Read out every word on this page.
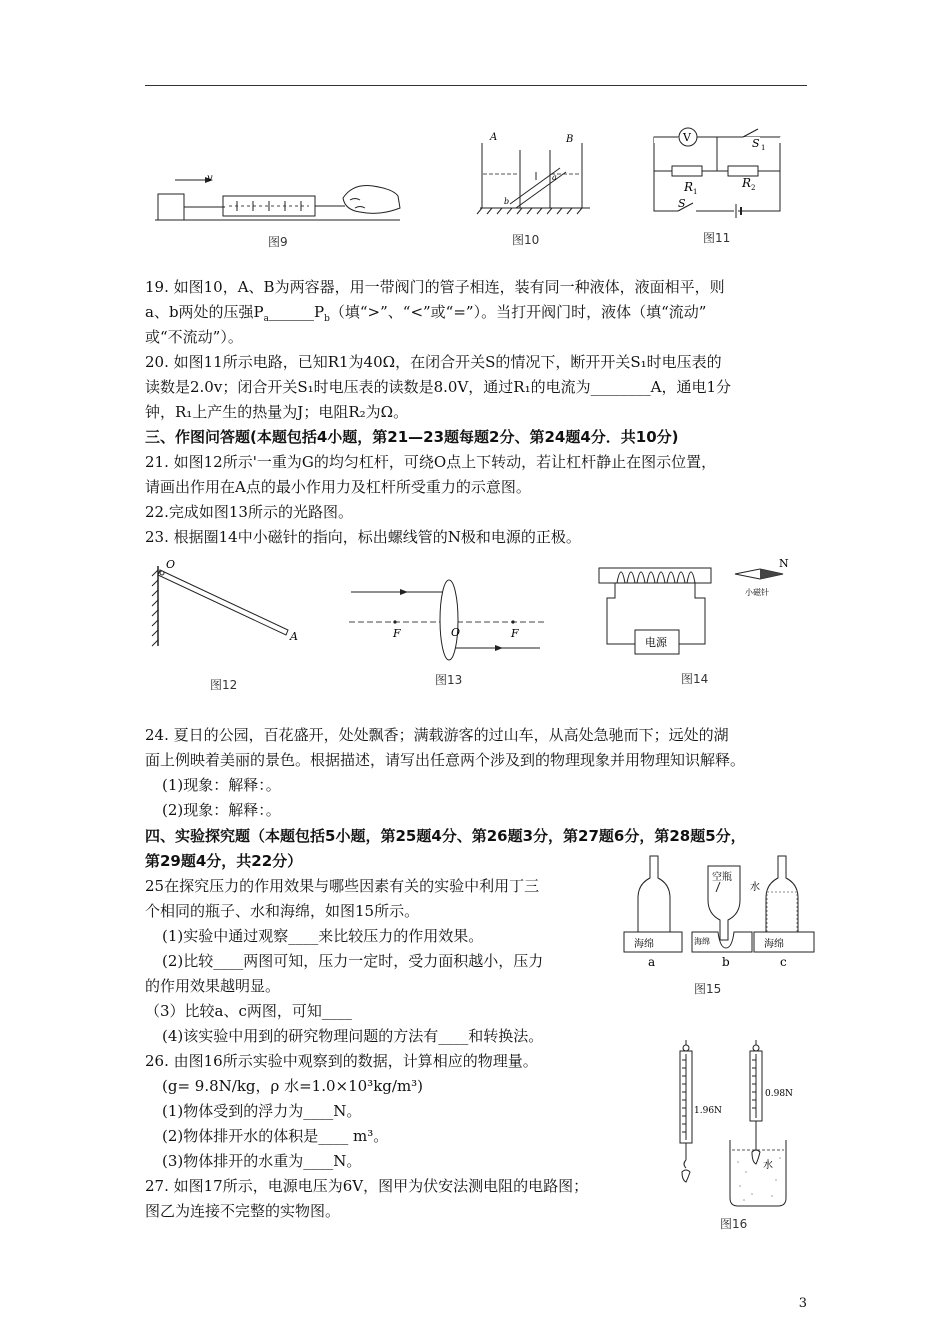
图9
v
A	B
a
b
图10
V	S 1
R 1
R 2
S
图11
19. 如图10，A、B为两容器，用一带阀门的管子相连，装有同一种液体，液面相平，则
a、b两处的压强$P_a\_\_\_\_\_\_P_b$（填“>”、“<”或“=”）。当打开阀门时，液体（填“流动”
或“不流动”）。
20. 如图11所示电路，已知R1为40Ω，在闭合开关S的情况下，断开开关S₁时电压表的
读数是2.0v；闭合开关S₁时电压表的读数是8.0V，通过R₁的电流为________A，通电1分
钟，R₁上产生的热量为J；电阻R₂为Ω。
三、作图问答题(本题包括4小题，第21—23题每题2分、第24题4分．共10分)
21. 如图12所示'一重为G的均匀杠杆，可绕O点上下转动，若让杠杆静止在图示位置，
请画出作用在A点的最小作用力及杠杆所受重力的示意图。
22.完成如图13所示的光路图。
23. 根据圈14中小磁针的指向，标出螺线管的N极和电源的正极。
O
A
图12
F	O	F
图13
电源
N
小磁针
图14
24. 夏日的公园，百花盛开，处处飘香；满载游客的过山车，从高处急驰而下；远处的湖
面上例映着美丽的景色。根据描述，请写出任意两个涉及到的物理现象并用物理知识解释。
(1)现象：解释：。
(2)现象：解释：。
四、实验探究题（本题包括5小题，第25题4分、第26题3分，第27题6分，第28题5分，
第29题4分，共22分）
25在探究压力的作用效果与哪些因素有关的实验中利用丁三
个相同的瓶子、水和海绵，如图15所示。
(1)实验中通过观察____来比较压力的作用效果。
(2)比较____两图可知，压力一定时，受力面积越小，压力
的作用效果越明显。
（3）比较a、c两图，可知____
(4)该实验中用到的研究物理问题的方法有____和转换法。
26. 由图16所示实验中观察到的数据，计算相应的物理量。
(g= 9.8N/kg，ρ 水=1.0×10³kg/m³)
(1)物体受到的浮力为____N。
(2)物体排开水的体积是____ m³。
(3)物体排开的水重为____N。
27. 如图17所示，电源电压为6V，图甲为伏安法测电阻的电路图；
图乙为连接不完整的实物图。
海绵
a
海绵
空瓶
b
水
海绵
c
图15
1.96N
0.98N
水
图16
3
